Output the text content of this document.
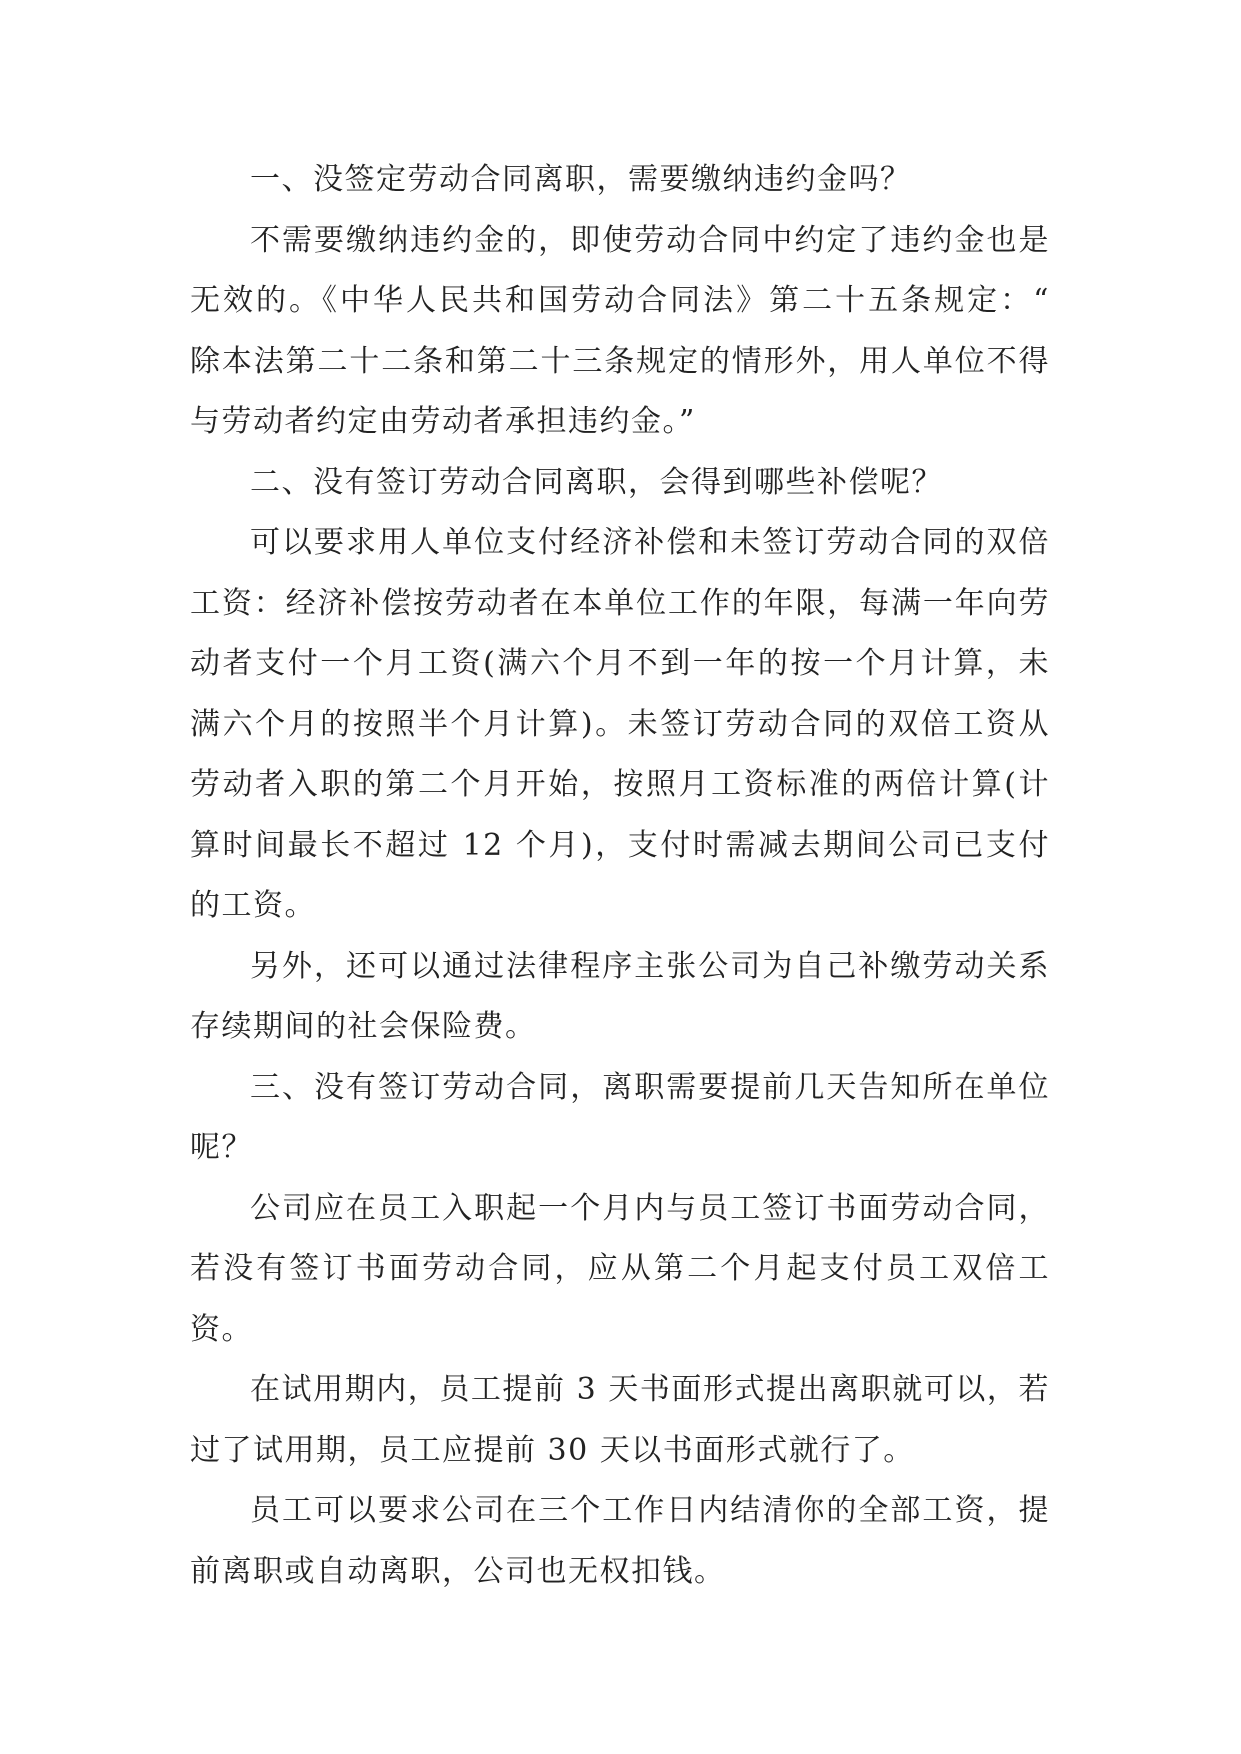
一、没签定劳动合同离职，需要缴纳违约金吗？

不需要缴纳违约金的，即使劳动合同中约定了违约金也是无效的。《中华人民共和国劳动合同法》第二十五条规定：“ 除本法第二十二条和第二十三条规定的情形外，用人单位不得与劳动者约定由劳动者承担违约金。”

二、没有签订劳动合同离职，会得到哪些补偿呢？

可以要求用人单位支付经济补偿和未签订劳动合同的双倍工资：经济补偿按劳动者在本单位工作的年限，每满一年向劳动者支付一个月工资(满六个月不到一年的按一个月计算，未满六个月的按照半个月计算)。未签订劳动合同的双倍工资从劳动者入职的第二个月开始，按照月工资标准的两倍计算(计算时间最长不超过 12 个月)，支付时需减去期间公司已支付的工资。

另外，还可以通过法律程序主张公司为自己补缴劳动关系存续期间的社会保险费。

三、没有签订劳动合同，离职需要提前几天告知所在单位呢？

公司应在员工入职起一个月内与员工签订书面劳动合同，若没有签订书面劳动合同，应从第二个月起支付员工双倍工资。

在试用期内，员工提前 3 天书面形式提出离职就可以，若过了试用期，员工应提前 30 天以书面形式就行了。

员工可以要求公司在三个工作日内结清你的全部工资，提前离职或自动离职，公司也无权扣钱。
